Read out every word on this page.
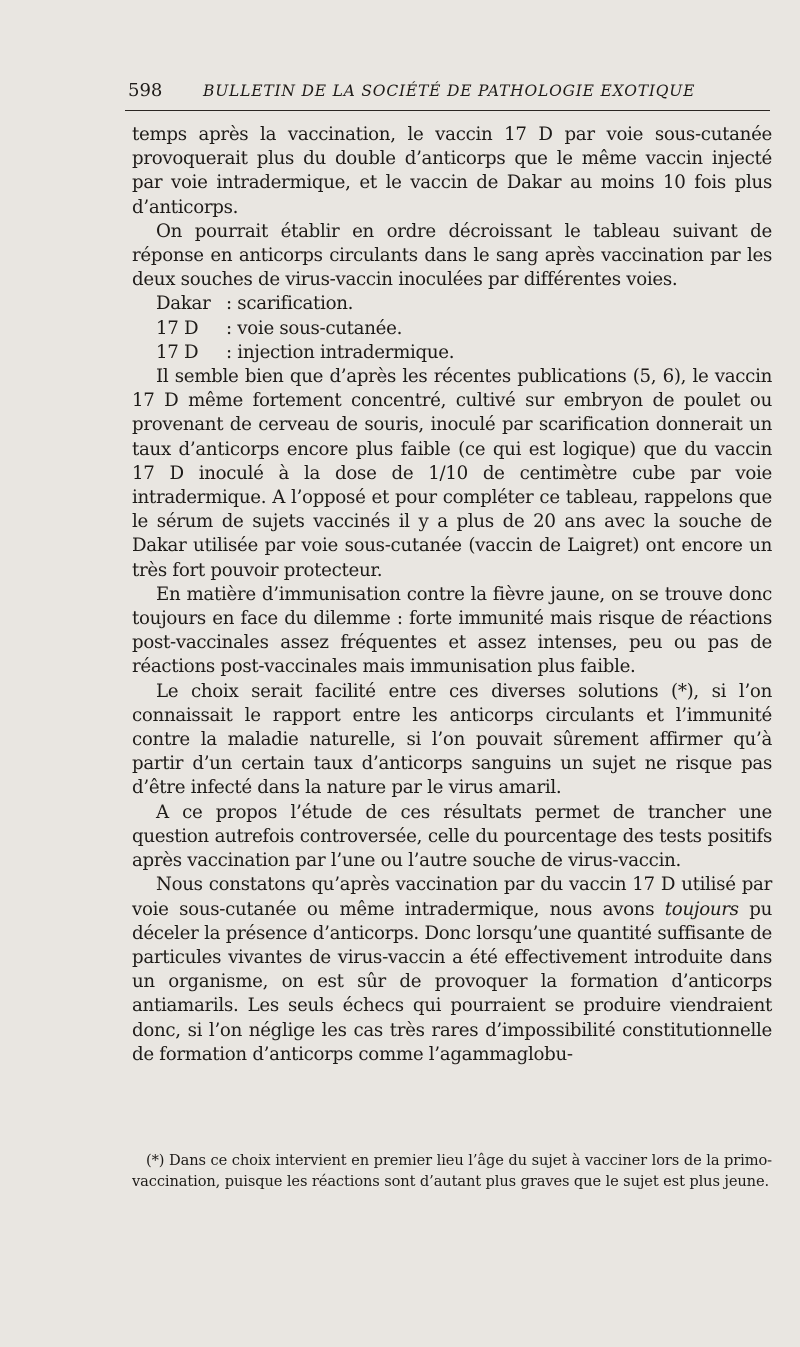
598	BULLETIN DE LA SOCIÉTÉ DE PATHOLOGIE EXOTIQUE

temps après la vaccination, le vaccin 17 D par voie sous-cutanée provoquerait plus du double d’anticorps que le même vaccin injecté par voie intradermique, et le vaccin de Dakar au moins 10 fois plus d’anticorps.

On pourrait établir en ordre décroissant le tableau suivant de réponse en anticorps circulants dans le sang après vaccination par les deux souches de virus-vaccin inoculées par différentes voies.

Dakar : scarification.
17 D : voie sous-cutanée.
17 D : injection intradermique.

Il semble bien que d’après les récentes publications (5, 6), le vaccin 17 D même fortement concentré, cultivé sur embryon de poulet ou provenant de cerveau de souris, inoculé par scarification donnerait un taux d’anticorps encore plus faible (ce qui est logique) que du vaccin 17 D inoculé à la dose de 1/10 de centimètre cube par voie intradermique. A l’opposé et pour compléter ce tableau, rappelons que le sérum de sujets vaccinés il y a plus de 20 ans avec la souche de Dakar utilisée par voie sous-cutanée (vaccin de Laigret) ont encore un très fort pouvoir protecteur.

En matière d’immunisation contre la fièvre jaune, on se trouve donc toujours en face du dilemme : forte immunité mais risque de réactions post-vaccinales assez fréquentes et assez intenses, peu ou pas de réactions post-vaccinales mais immunisation plus faible.

Le choix serait facilité entre ces diverses solutions (*), si l’on connaissait le rapport entre les anticorps circulants et l’immunité contre la maladie naturelle, si l’on pouvait sûrement affirmer qu’à partir d’un certain taux d’anticorps sanguins un sujet ne risque pas d’être infecté dans la nature par le virus amaril.

A ce propos l’étude de ces résultats permet de trancher une question autrefois controversée, celle du pourcentage des tests positifs après vaccination par l’une ou l’autre souche de virus-vaccin.

Nous constatons qu’après vaccination par du vaccin 17 D utilisé par voie sous-cutanée ou même intradermique, nous avons toujours pu déceler la présence d’anticorps. Donc lorsqu’une quantité suffisante de particules vivantes de virus-vaccin a été effectivement introduite dans un organisme, on est sûr de provoquer la formation d’anticorps antiamarils. Les seuls échecs qui pourraient se produire viendraient donc, si l’on néglige les cas très rares d’impossibilité constitutionnelle de formation d’anticorps comme l’agammaglobu-

(*) Dans ce choix intervient en premier lieu l’âge du sujet à vacciner lors de la primo-vaccination, puisque les réactions sont d’autant plus graves que le sujet est plus jeune.
